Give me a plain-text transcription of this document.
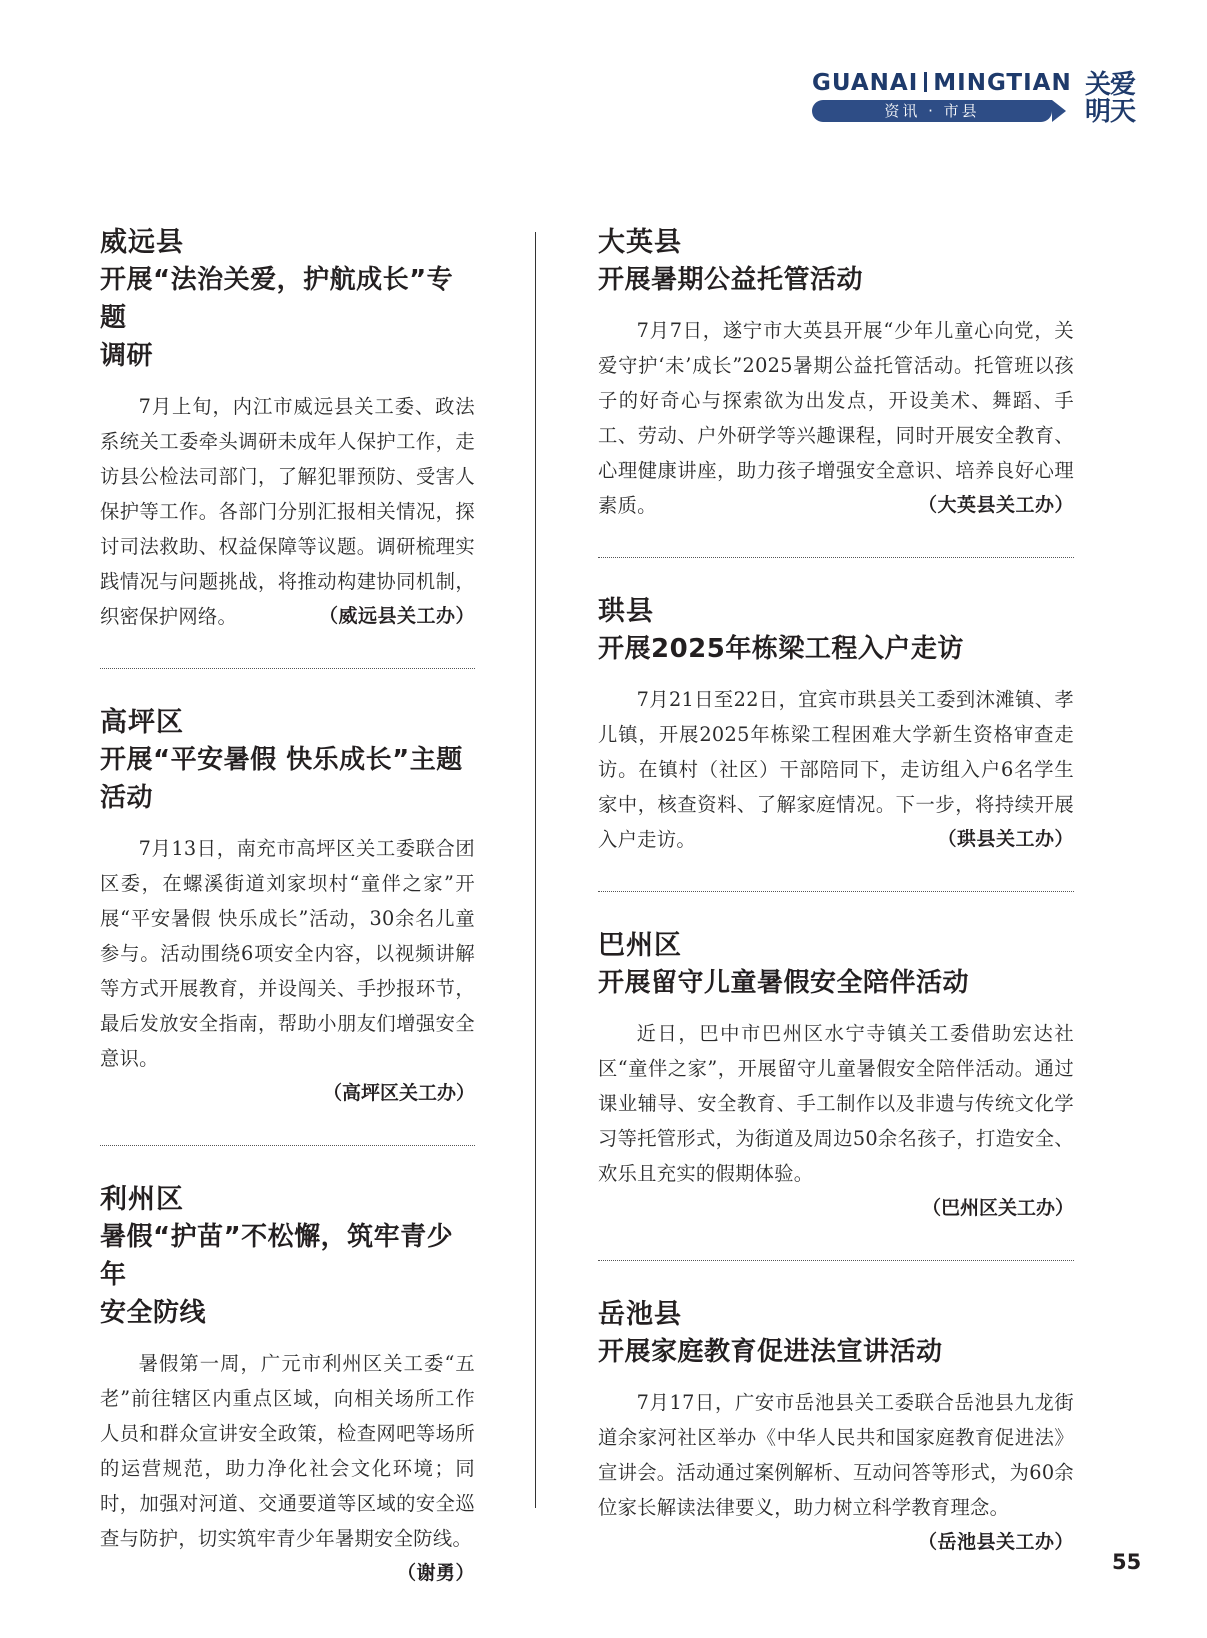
GUANAI MINGTIAN
资讯 · 市县
关爱
明天
威远县
开展“法治关爱，护航成长”专题
调研

7月上旬，内江市威远县关工委、政法系统关工委牵头调研未成年人保护工作，走访县公检法司部门，了解犯罪预防、受害人保护等工作。各部门分别汇报相关情况，探讨司法救助、权益保障等议题。调研梳理实践情况与问题挑战，将推动构建协同机制，织密保护网络。	（威远县关工办）

高坪区
开展“平安暑假 快乐成长”主题活动

7月13日，南充市高坪区关工委联合团区委，在螺溪街道刘家坝村“童伴之家”开展“平安暑假 快乐成长”活动，30余名儿童参与。活动围绕6项安全内容，以视频讲解等方式开展教育，并设闯关、手抄报环节，最后发放安全指南，帮助小朋友们增强安全意识。

（高坪区关工办）
利州区
暑假“护苗”不松懈，筑牢青少年
安全防线

暑假第一周，广元市利州区关工委“五老”前往辖区内重点区域，向相关场所工作人员和群众宣讲安全政策，检查网吧等场所的运营规范，助力净化社会文化环境；同时，加强对河道、交通要道等区域的安全巡查与防护，切实筑牢青少年暑期安全防线。
（谢勇）

大英县
开展暑期公益托管活动

7月7日，遂宁市大英县开展“少年儿童心向党，关爱守护‘未’成长”2025暑期公益托管活动。托管班以孩子的好奇心与探索欲为出发点，开设美术、舞蹈、手工、劳动、户外研学等兴趣课程，同时开展安全教育、心理健康讲座，助力孩子增强安全意识、培养良好心理素质。	（大英县关工办）

珙县
开展2025年栋梁工程入户走访

7月21日至22日，宜宾市珙县关工委到沐滩镇、孝儿镇，开展2025年栋梁工程困难大学新生资格审查走访。在镇村（社区）干部陪同下，走访组入户6名学生家中，核查资料、了解家庭情况。下一步，将持续开展入户走访。	（珙县关工办）

巴州区
开展留守儿童暑假安全陪伴活动

近日，巴中市巴州区水宁寺镇关工委借助宏达社区“童伴之家”，开展留守儿童暑假安全陪伴活动。通过课业辅导、安全教育、手工制作以及非遗与传统文化学习等托管形式，为街道及周边50余名孩子，打造安全、欢乐且充实的假期体验。

（巴州区关工办）
岳池县
开展家庭教育促进法宣讲活动

7月17日，广安市岳池县关工委联合岳池县九龙街道余家河社区举办《中华人民共和国家庭教育促进法》宣讲会。活动通过案例解析、互动问答等形式，为60余位家长解读法律要义，助力树立科学教育理念。
（岳池县关工办）

55
